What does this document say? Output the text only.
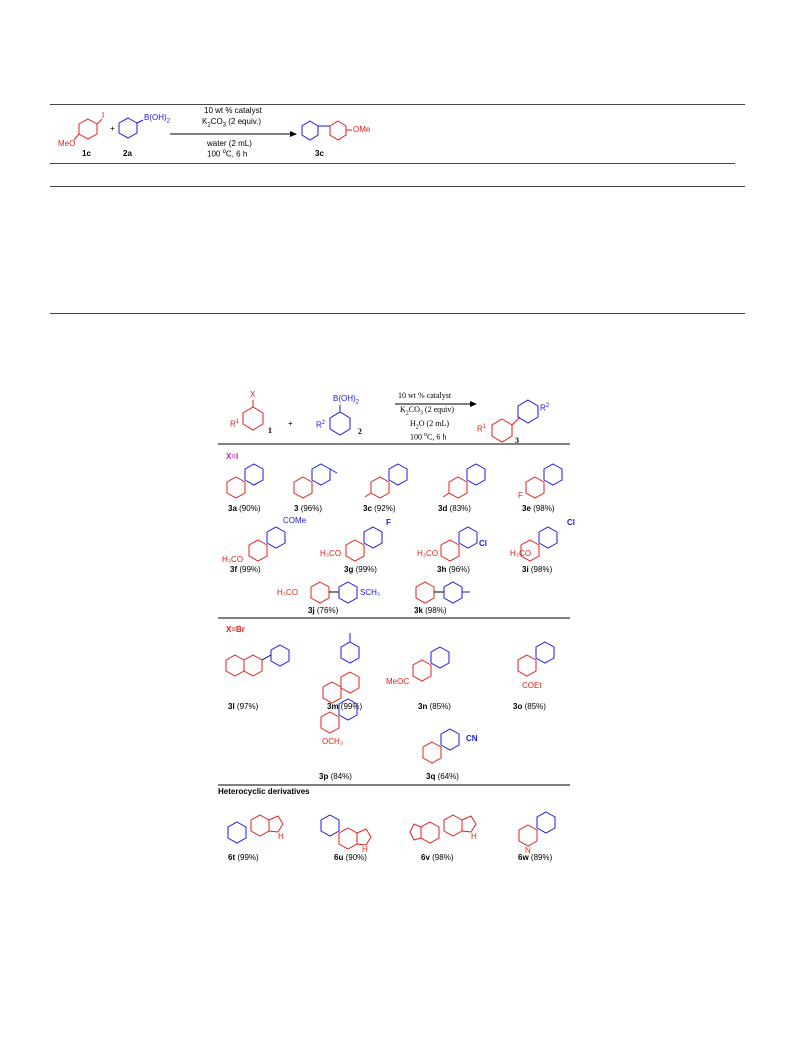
I
MeO
1c
+
$B(OH)_2$
2a
10 wt % catalyst
$K_2CO_3$ (2 equiv.)
water (2 mL)
100 $^o$C, 6 h
OMe
3c
X
$R^1$
1
+
$B(OH)_2$
$R^2$
2
10 wt % catalyst
$K_2CO_3$ (2 equiv)
$H_2O$ (2 mL)
100 $^o$C, 6 h
$R^1$
$R^2$
3
X=I
X=Br
Heterocyclic derivatives
F
COMe
H₃CO
F
H₃CO
Cl
H₃CO
Cl
H₃CO
H₃CO	SCH₃
MeOC	COEt
OCH₃	CN
H
H
H
N
3a (90%)	3 (96%)	3c (92%)	3d (83%)	3e (98%)
3f (99%)	3g (99%)	3h (96%)	3i (98%)
3j (76%)	3k (98%)
3l (97%)	3m (99%)	3n (85%)	3o (85%)
3p (84%)	3q (64%)
6t (99%)	6u (90%)	6v (98%)	6w (89%)
